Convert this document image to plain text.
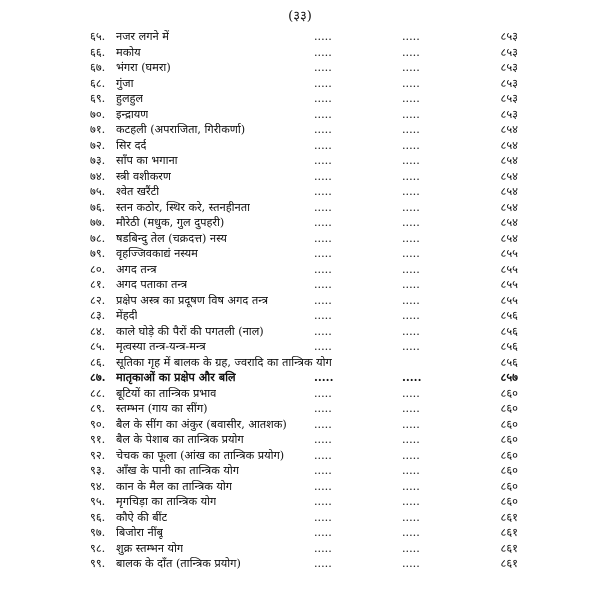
(३३)
६५. नजर लगने में	.....	.....	८५३
६६. मकोय	.....	.....	८५३
६७. भंगरा (घमरा)	.....	.....	८५३
६८. गुंजा	.....	.....	८५३
६९. हुलहुल	.....	.....	८५३
७०. इन्द्रायण	.....	.....	८५३
७१. कटहली (अपराजिता, गिरीकर्णा)	.....	.....	८५४
७२. सिर दर्द	.....	.....	८५४
७३. साँप का भगाना	.....	.....	८५४
७४. स्त्री वशीकरण	.....	.....	८५४
७५. श्वेत खरैंटी	.....	.....	८५४
७६. स्तन कठोर, स्थिर करे, स्तनहीनता	.....	.....	८५४
७७. मौरेठी (मधुक, गुल दुपहरी)	.....	.....	८५४
७८. षडबिन्दु तेल (चक्रदत्त) नस्य	.....	.....	८५४
७९. वृहज्जिवकाद्यं नस्यम	.....	.....	८५५
८०. अगद तन्त्र	.....	.....	८५५
८१. अगद पताका तन्त्र	.....	.....	८५५
८२. प्रक्षेप अस्त्र का प्रदूषण विष अगद तन्त्र	.....	.....	८५५
८३. मेंहदी	.....	.....	८५६
८४. काले घोड़े की पैरों की पगतली (नाल)	.....	.....	८५६
८५. मृत्वस्या तन्त्र-यन्त्र-मन्त्र	.....	.....	८५६
८६. सूतिका गृह में बालक के ग्रह, ज्वरादि का तान्त्रिक योग	८५६
८७. मातृकाओं का प्रक्षेप और बलि	.....	.....	८५७
८८. बूटियों का तान्त्रिक प्रभाव	.....	.....	८६०
८९. स्तम्भन (गाय का सींग)	.....	.....	८६०
९०. बैल के सींग का अंकुर (बवासीर, आतशक) .....	.....	८६०
९१. बैल के पेशाब का तान्त्रिक प्रयोग	.....	.....	८६०
९२. चेचक का फूला (आंख का तान्त्रिक प्रयोग)	.....	.....	८६०
९३. आँख के पानी का तान्त्रिक योग	.....	.....	८६०
९४. कान के मैल का तान्त्रिक योग	.....	.....	८६०
९५. मृगचिड़ा का तान्त्रिक योग	.....	.....	८६०
९६. कौऐ की बींट	.....	.....	८६१
९७. बिजोरा नींबू	.....	.....	८६१
९८. शुक्र स्तम्भन योग	.....	.....	८६१
९९. बालक के दाँत (तान्त्रिक प्रयोग)	.....	.....	८६१
